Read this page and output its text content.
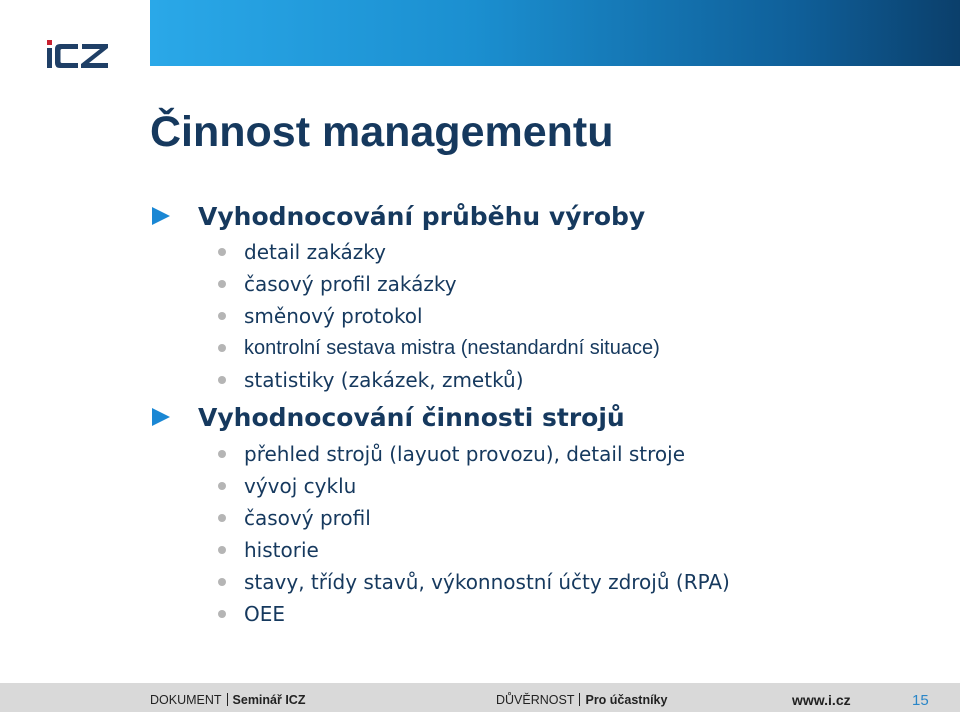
Činnost managementu
Vyhodnocování průběhu výroby
detail zakázky
časový profil zakázky
směnový protokol
kontrolní sestava mistra (nestandardní situace)
statistiky (zakázek, zmetků)
Vyhodnocování činnosti strojů
přehled strojů (layuot provozu), detail stroje
vývoj cyklu
časový profil
historie
stavy, třídy stavů, výkonnostní účty zdrojů (RPA)
OEE
DOKUMENT Seminář ICZ	DŮVĚRNOST Pro účastníky	www.i.cz	15
